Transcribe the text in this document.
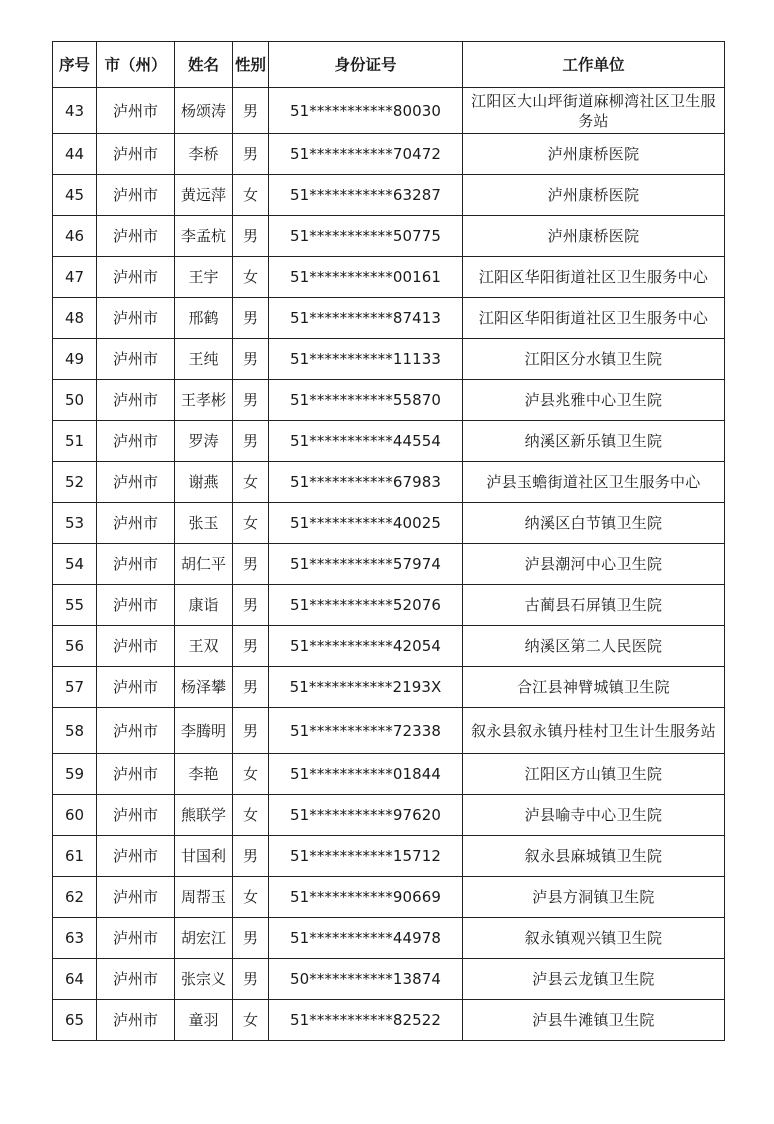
序号	市（州）	姓名	性别	身份证号	工作单位
43	泸州市	杨颂涛	男	51***********80030	江阳区大山坪街道麻柳湾社区卫生服务站
44	泸州市	李桥	男	51***********70472	泸州康桥医院
45	泸州市	黄远萍	女	51***********63287	泸州康桥医院
46	泸州市	李孟杭	男	51***********50775	泸州康桥医院
47	泸州市	王宇	女	51***********00161	江阳区华阳街道社区卫生服务中心
48	泸州市	邢鹤	男	51***********87413	江阳区华阳街道社区卫生服务中心
49	泸州市	王纯	男	51***********11133	江阳区分水镇卫生院
50	泸州市	王孝彬	男	51***********55870	泸县兆雅中心卫生院
51	泸州市	罗涛	男	51***********44554	纳溪区新乐镇卫生院
52	泸州市	谢燕	女	51***********67983	泸县玉蟾街道社区卫生服务中心
53	泸州市	张玉	女	51***********40025	纳溪区白节镇卫生院
54	泸州市	胡仁平	男	51***********57974	泸县潮河中心卫生院
55	泸州市	康诣	男	51***********52076	古蔺县石屏镇卫生院
56	泸州市	王双	男	51***********42054	纳溪区第二人民医院
57	泸州市	杨泽攀	男	51***********2193X	合江县神臂城镇卫生院
58	泸州市	李腾明	男	51***********72338	叙永县叙永镇丹桂村卫生计生服务站
59	泸州市	李艳	女	51***********01844	江阳区方山镇卫生院
60	泸州市	熊联学	女	51***********97620	泸县喻寺中心卫生院
61	泸州市	甘国利	男	51***********15712	叙永县麻城镇卫生院
62	泸州市	周帮玉	女	51***********90669	泸县方洞镇卫生院
63	泸州市	胡宏江	男	51***********44978	叙永镇观兴镇卫生院
64	泸州市	张宗义	男	50***********13874	泸县云龙镇卫生院
65	泸州市	童羽	女	51***********82522	泸县牛滩镇卫生院
